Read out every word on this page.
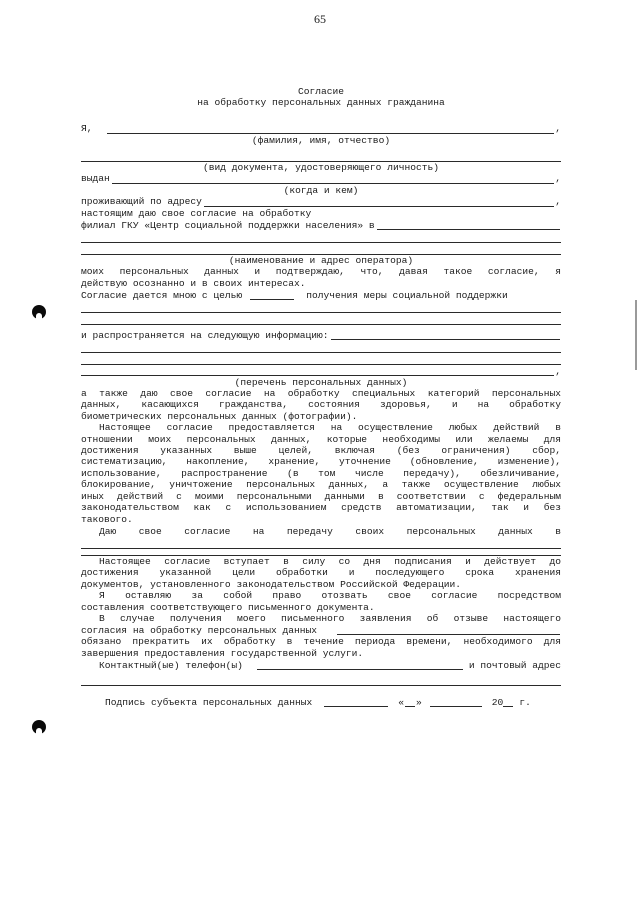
65
Согласие
на обработку персональных данных гражданина
Я,	,
(фамилия, имя, отчество)
(вид документа, удостоверяющего личность)
выдан	,
(когда и кем)
проживающий по адресу	,
настоящим даю свое согласие на обработку
филиал ГКУ «Центр социальной поддержки населения» в
(наименование и адрес оператора)
моих персональных данных и подтверждаю, что, давая такое согласие, я
действую осознанно и в своих интересах.
Согласие дается мною с целью	получения меры социальной поддержки
и распространяется на следующую информацию:
,
(перечень персональных данных)
а также даю свое согласие на обработку специальных категорий персональных
данных, касающихся гражданства, состояния здоровья, и на обработку
биометрических персональных данных (фотографии).
Настоящее согласие предоставляется на осуществление любых действий в
отношении моих персональных данных, которые необходимы или желаемы для
достижения указанных выше целей, включая (без ограничения) сбор,
систематизацию, накопление, хранение, уточнение (обновление, изменение),
использование, распространение (в том числе передачу), обезличивание,
блокирование, уничтожение персональных данных, а также осуществление любых
иных действий с моими персональными данными в соответствии с федеральным
законодательством как с использованием средств автоматизации, так и без
такового.
Даю свое согласие на передачу своих персональных данных в
Настоящее согласие вступает в силу со дня подписания и действует до
достижения указанной цели обработки и последующего срока хранения
документов, установленного законодательством Российской Федерации.
Я оставляю за собой право отозвать свое согласие посредством
составления соответствующего письменного документа.
В случае получения моего письменного заявления об отзыве настоящего
согласия на обработку персональных данных
обязано прекратить их обработку в течение периода времени, необходимого для
завершения предоставления государственной услуги.
Контактный(ые) телефон(ы)	и почтовый адрес
Подпись субъекта персональных данных	« »	20 г.
